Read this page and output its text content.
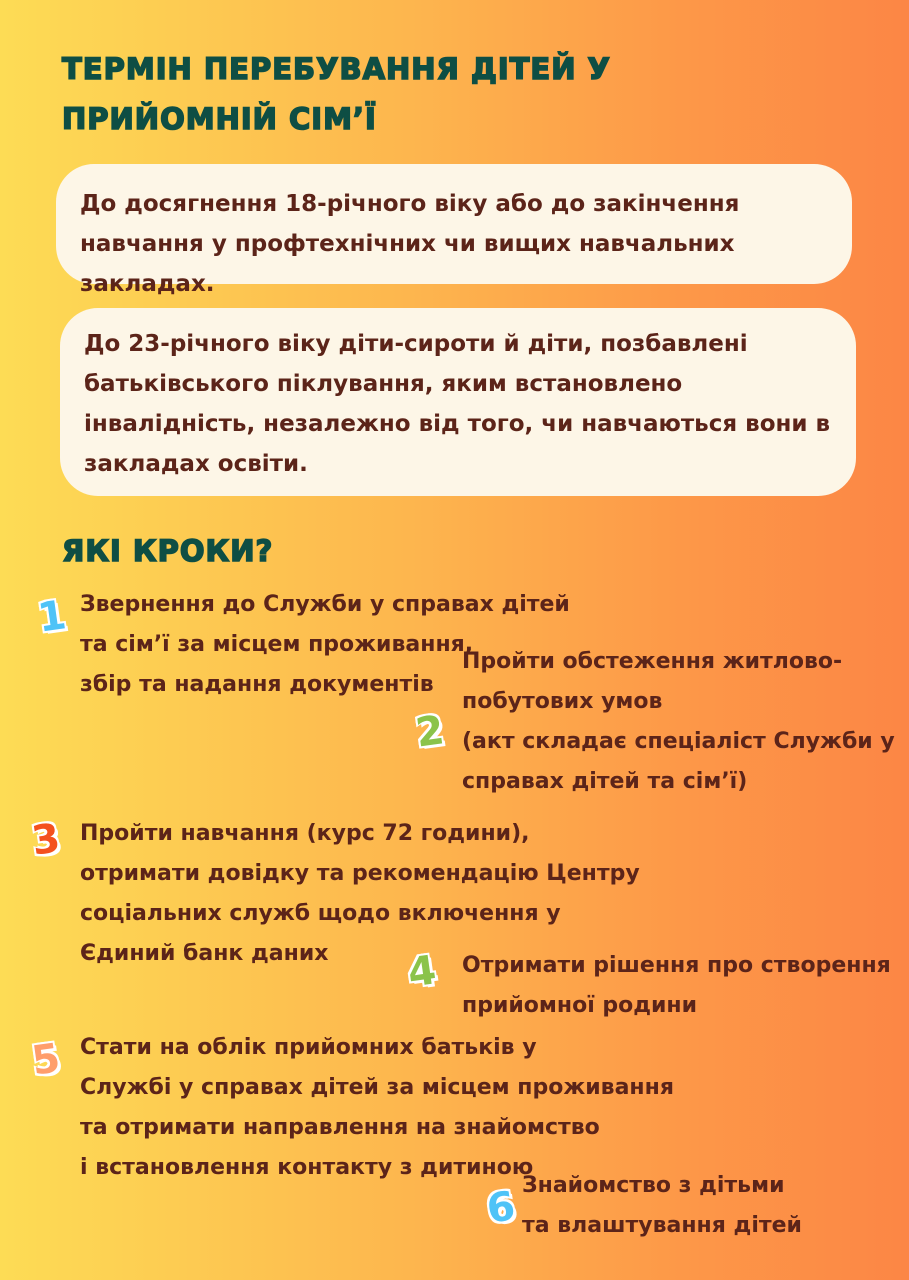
ТЕРМІН ПЕРЕБУВАННЯ ДІТЕЙ У ПРИЙОМНІЙ СІМ’Ї
До досягнення 18-річного віку або до закінчення навчання у профтехнічних чи вищих навчальних закладах.
До 23-річного віку діти-сироти й діти, позбавлені батьківського піклування, яким встановлено інвалідність, незалежно від того, чи навчаються вони в закладах освіти.
ЯКІ КРОКИ?
1 Звернення до Служби у справах дітей
та сім’ї за місцем проживання,
збір та надання документів

2

Пройти обстеження житлово-
побутових умов
(акт складає спеціаліст Служби у
справах дітей та сім’ї)

3 Пройти навчання (курс 72 години),
отримати довідку та рекомендацію Центру
соціальних служб щодо включення у
Єдиний банк даних	4 Отримати рішення про створення
прийомної родини

5 Стати на облік прийомних батьків у
Службі у справах дітей за місцем проживання
та отримати направлення на знайомство
і встановлення контакту з дитиною

6 Знайомство з дітьми
та влаштування дітей
